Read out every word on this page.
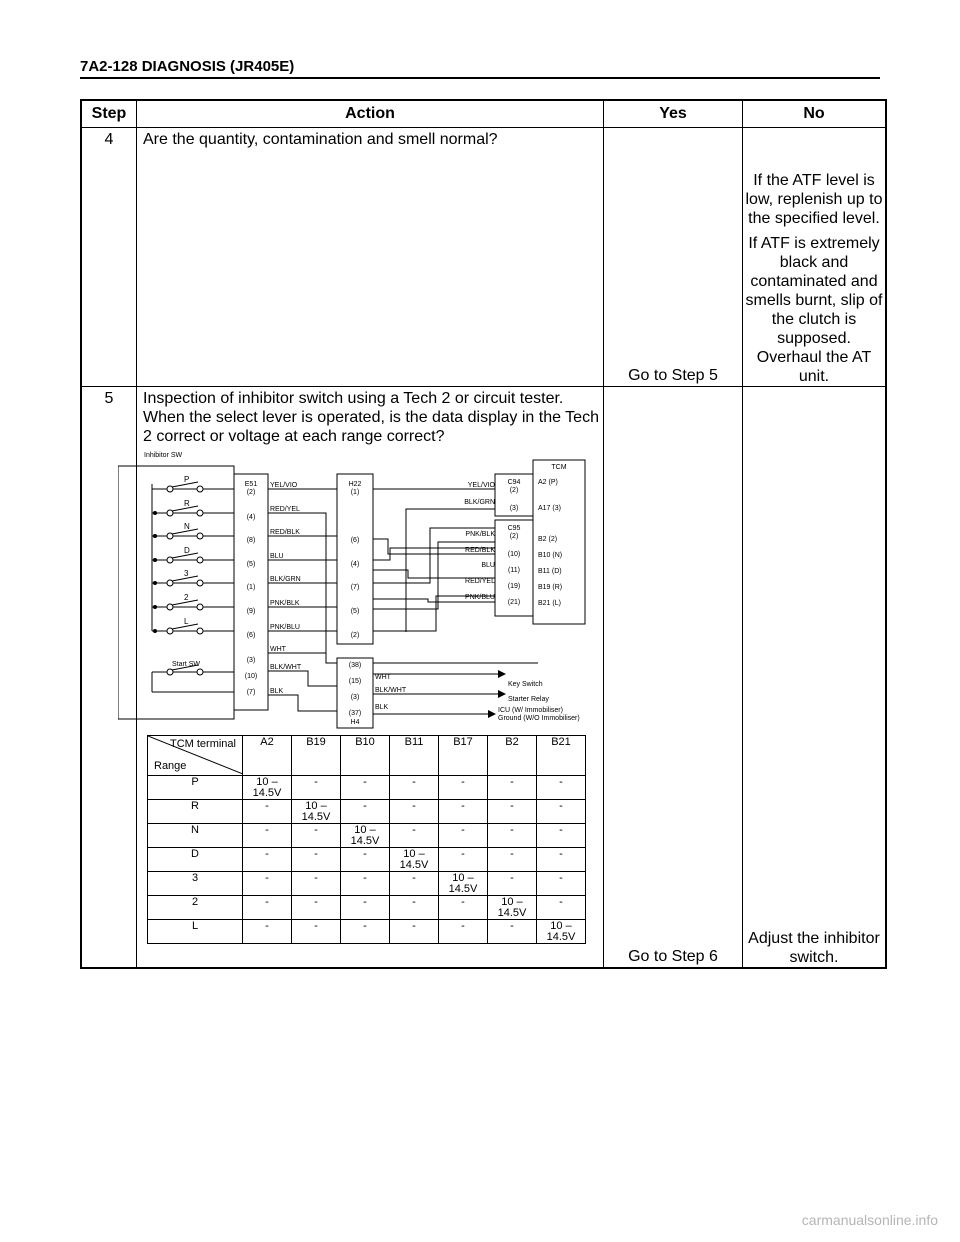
7A2-128 DIAGNOSIS (JR405E)
Step	Action	Yes	No

4	Are the quantity, contamination and smell normal?	Go to Step 5	If the ATF level is low, replenish up to the specified level.
If ATF is extremely black and contaminated and smells burnt, slip of the clutch is supposed. Overhaul the AT unit.

5	Inspection of inhibitor switch using a Tech 2 or circuit tester. When the select lever is operated, is the data display in the Tech 2 correct or voltage at each range correct?	Go to Step 6	Adjust the inhibitor switch.
Inhibitor SW
P
R
N
D
3
2
L
Start SW
E51
(2)
(4)
(8)
(5)
(1)
(9)
(6)
(3)
(10)
(7)
YEL/VIO
RED/YEL
RED/BLK
BLU
BLK/GRN
PNK/BLK
PNK/BLU
WHT
BLK/WHT
BLK
H22
(1)
(6)
(4)
(7)
(5)
(2)
(38)
(15)
(3)
(37)
H4
YEL/VIO
BLK/GRN
PNK/BLK
RED/BLK
BLU
RED/YEL
PNK/BLU
C94
(2)
(3)
C95
(2)
(10)
(11)
(19)
(21)
TCM
A2 (P)
A17 (3)
B2 (2)
B10 (N)
B11 (D)
B19 (R)
B21 (L)
WHT
BLK/WHT
BLK
Key Switch
Starter Relay
ICU (W/ Immobiliser)
Ground (W/O Immobiliser)
TCM terminal
Range	A2	B19	B10	B11	B17	B2	B21
P	10 – 14.5V	-	-	-	-	-	-
R	-	10 – 14.5V	-	-	-	-	-
N	-	-	10 – 14.5V	-	-	-	-
D	-	-	-	10 – 14.5V	-	-	-
3	-	-	-	-	10 – 14.5V	-	-
2	-	-	-	-	-	10 – 14.5V	-
L	-	-	-	-	-	-	10 – 14.5V
carmanualsonline.info
